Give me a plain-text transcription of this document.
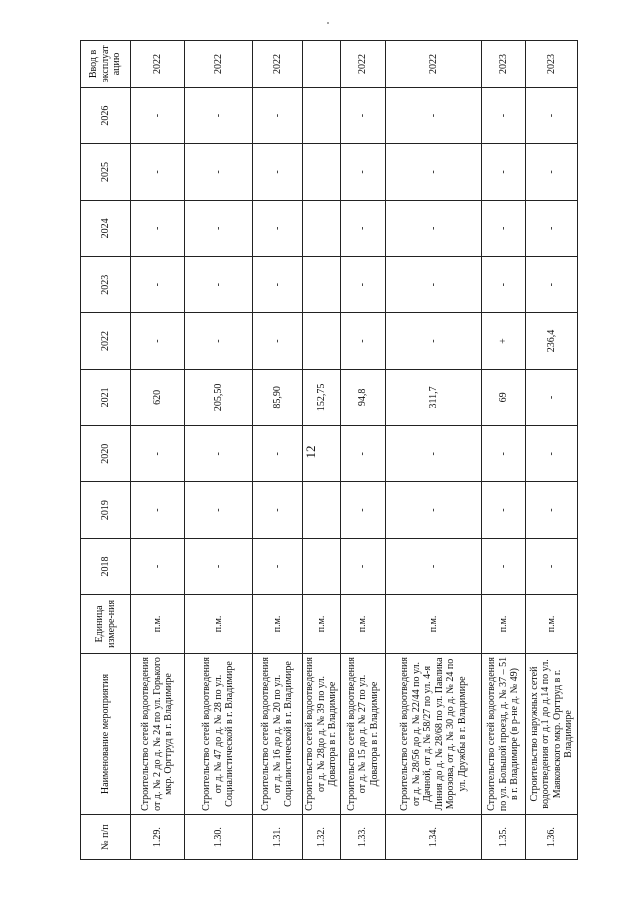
12
№ п/п	Наименование мероприятия	Единица измере-ния	2018	2019	2020	2021	2022	2023	2024	2025	2026	Ввод в эксплуат ацию
1.29.	Строительство сетей водоотведения от д. № 2 до д. № 24 по ул. Горького мкр. Оргтруд в г. Владимире	п.м.	-	-	-	620	-	-	-	-	-	2022
1.30.	Строительство сетей водоотведения от д. № 47 до д. № 28 по ул. Социалистической в г. Владимире	п.м.	-	-	-	205,50	-	-	-	-	-	2022
1.31.	Строительство сетей водоотведения от д. № 16 до д. № 20 по ул. Социалистической в г. Владимире	п.м.	-	-	-	85,90	-	-	-	-	-	2022
1.32.	Строительство сетей водоотведения от д. № 28до д. № 39 по ул. Доватора в г. Владимире	п.м.				152,75						
1.33.	Строительство сетей водоотведения от д. № 15 до д. № 27 по ул. Доватора в г. Владимире	п.м.	-	-	-	94,8	-	-	-	-	-	2022
1.34.	Строительство сетей водоотведения от д. № 28/56 до д. № 22/44 по ул. Дачной, от д. № 58/27 по ул. 4-я Линия до д. № 28/68 по ул. Павлика Морозова, от д. № 30 до д. № 24 по ул. Дружбы в г. Владимире	п.м.	-	-	-	311,7	-	-	-	-	-	2022
1.35.	Строительство сетей водоотведения по ул. Большой проезд, д. № 37 – 51 в г. Владимире (в р-не д. № 49)	п.м.	-	-	-	69	+	-	-	-	-	2023
1.36.	Строительство наружных сетей водоотведения от д.1 до д.14 по ул. Маяковского мкр. Оргтруд в г. Владимире	п.м.	-	-	-	-	236,4	-	-	-	-	2023
